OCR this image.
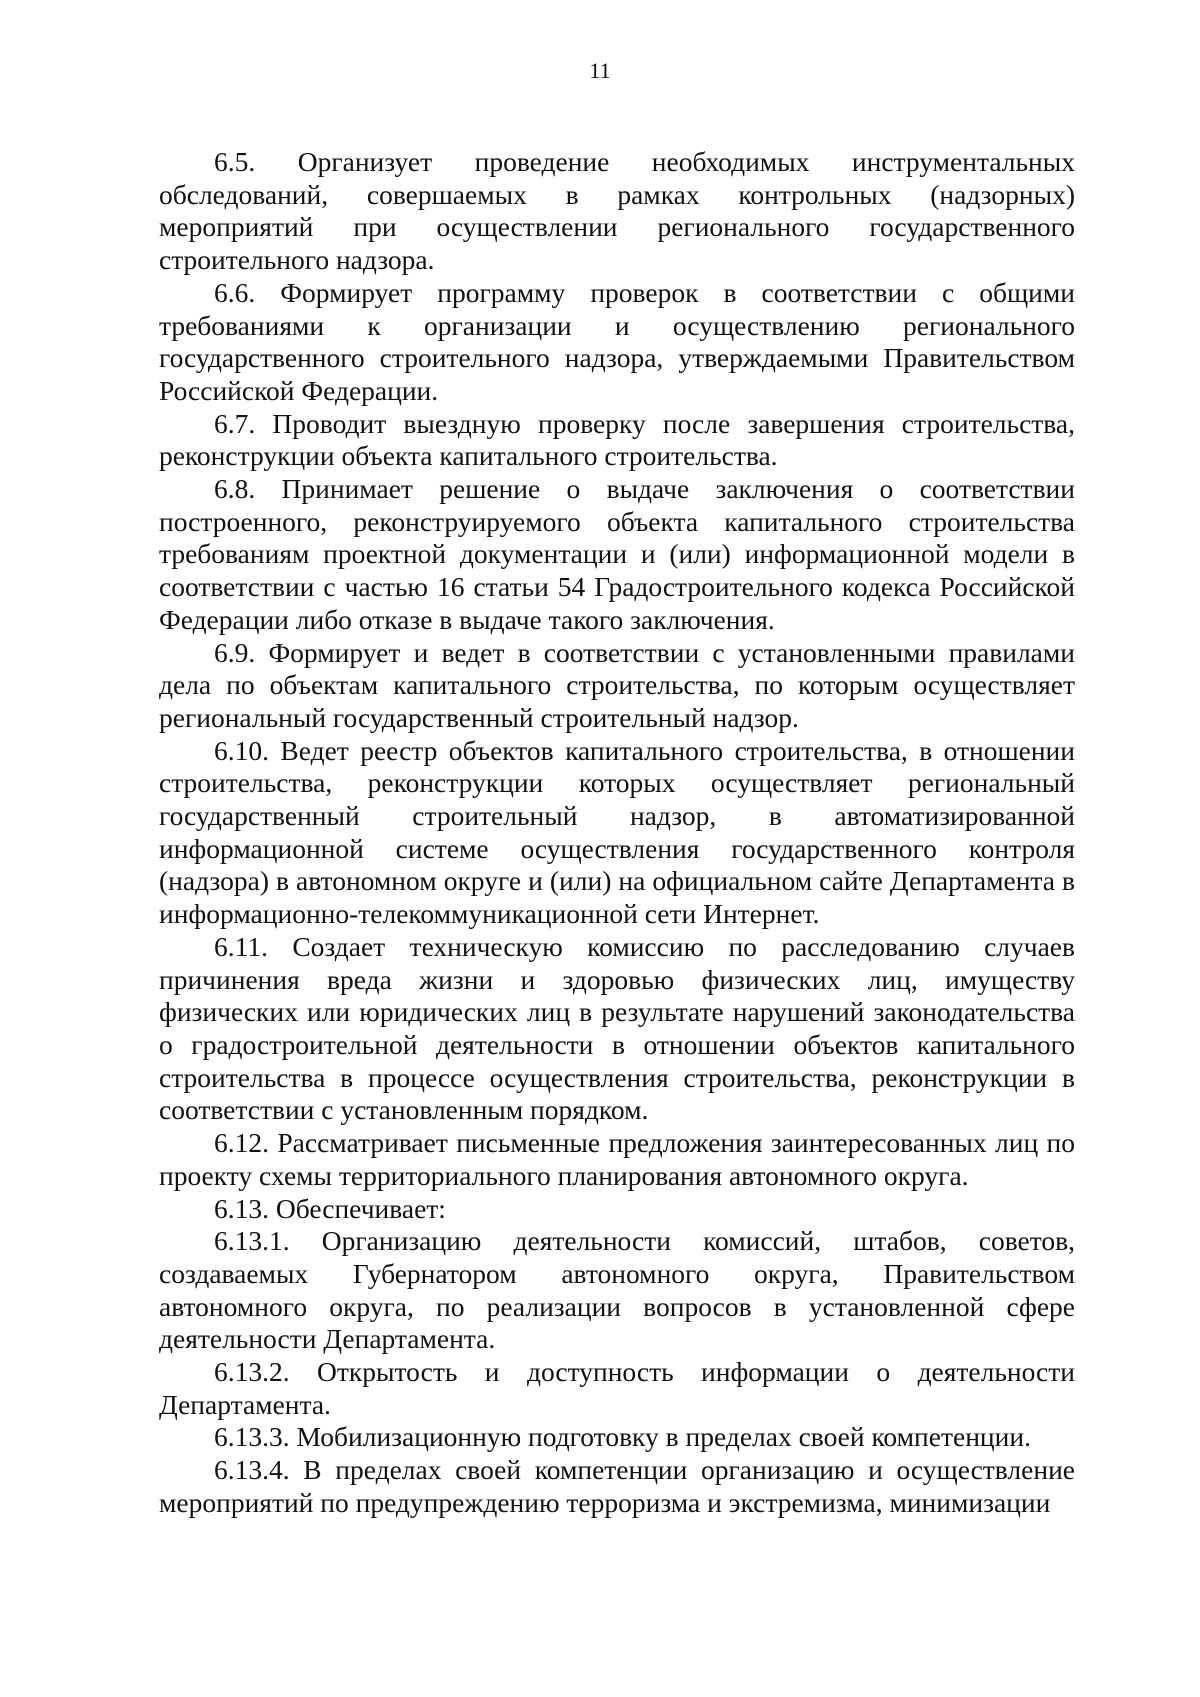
11

6.5. Организует проведение необходимых инструментальных обследований, совершаемых в рамках контрольных (надзорных) мероприятий при осуществлении регионального государственного строительного надзора.

6.6. Формирует программу проверок в соответствии с общими требованиями к организации и осуществлению регионального государственного строительного надзора, утверждаемыми Правительством Российской Федерации.

6.7. Проводит выездную проверку после завершения строительства, реконструкции объекта капитального строительства.

6.8. Принимает решение о выдаче заключения о соответствии построенного, реконструируемого объекта капитального строительства требованиям проектной документации и (или) информационной модели в соответствии с частью 16 статьи 54 Градостроительного кодекса Российской Федерации либо отказе в выдаче такого заключения.

6.9. Формирует и ведет в соответствии с установленными правилами дела по объектам капитального строительства, по которым осуществляет региональный государственный строительный надзор.

6.10. Ведет реестр объектов капитального строительства, в отношении строительства, реконструкции которых осуществляет региональный государственный строительный надзор, в автоматизированной информационной системе осуществления государственного контроля (надзора) в автономном округе и (или) на официальном сайте Департамента в информационно-телекоммуникационной сети Интернет.

6.11. Создает техническую комиссию по расследованию случаев причинения вреда жизни и здоровью физических лиц, имуществу физических или юридических лиц в результате нарушений законодательства о градостроительной деятельности в отношении объектов капитального строительства в процессе осуществления строительства, реконструкции в соответствии с установленным порядком.

6.12. Рассматривает письменные предложения заинтересованных лиц по проекту схемы территориального планирования автономного округа.

6.13. Обеспечивает:

6.13.1. Организацию деятельности комиссий, штабов, советов, создаваемых Губернатором автономного округа, Правительством автономного округа, по реализации вопросов в установленной сфере деятельности Департамента.

6.13.2. Открытость и доступность информации о деятельности Департамента.

6.13.3. Мобилизационную подготовку в пределах своей компетенции.

6.13.4. В пределах своей компетенции организацию и осуществление мероприятий по предупреждению терроризма и экстремизма, минимизации
